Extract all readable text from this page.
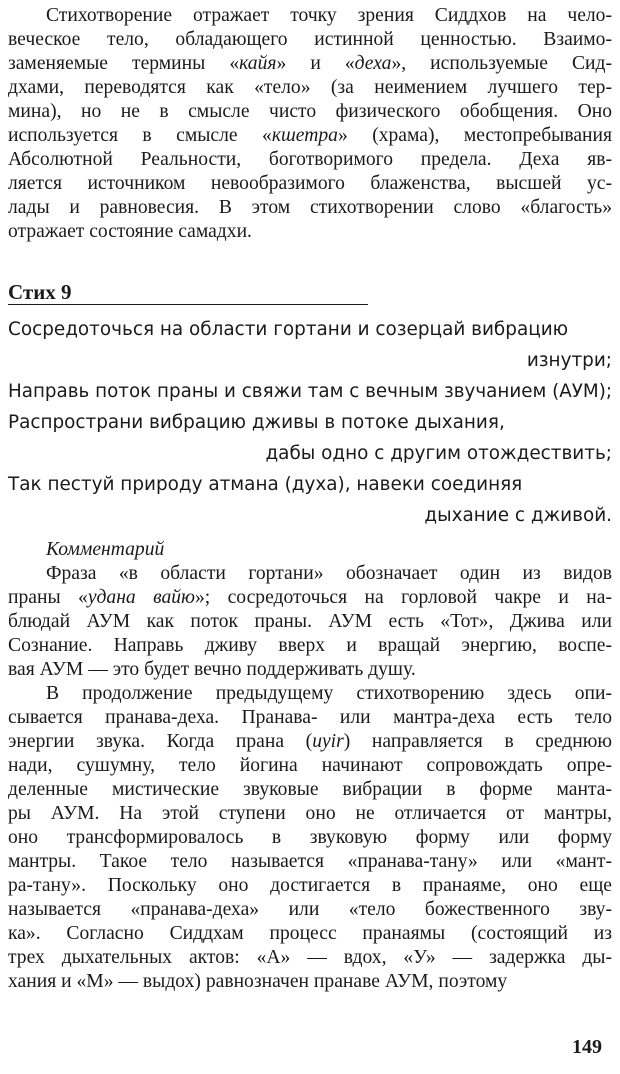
Стихотворение отражает точку зрения Сиддхов на чело-
веческое тело, обладающего истинной ценностью. Взаимо-
заменяемые термины «кайя» и «деха», используемые Сид-
дхами, переводятся как «тело» (за неимением лучшего тер-
мина), но не в смысле чисто физического обобщения. Оно
используется в смысле «кшетра» (храма), местопребывания
Абсолютной Реальности, боготворимого предела. Деха яв-
ляется источником невообразимого блаженства, высшей ус-
лады и равновесия. В этом стихотворении слово «благость»
отражает состояние самадхи.
Стих 9
Сосредоточься на области гортани и созерцай вибрацию
изнутри;
Направь поток праны и свяжи там с вечным звучанием (АУМ);
Распространи вибрацию дживы в потоке дыхания,
дабы одно с другим отождествить;
Так пестуй природу атмана (духа), навеки соединяя
дыхание с дживой.
Комментарий
Фраза «в области гортани» обозначает один из видов
праны «удана вайю»; сосредоточься на горловой чакре и на-
блюдай АУМ как поток праны. АУМ есть «Тот», Джива или
Сознание. Направь дживу вверх и вращай энергию, воспе-
вая АУМ — это будет вечно поддерживать душу.
В продолжение предыдущему стихотворению здесь опи-
сывается пранава-деха. Пранава- или мантра-деха есть тело
энергии звука. Когда прана (uyir) направляется в среднюю
нади, сушумну, тело йогина начинают сопровождать опре-
деленные мистические звуковые вибрации в форме манта-
ры АУМ. На этой ступени оно не отличается от мантры,
оно трансформировалось в звуковую форму или форму
мантры. Такое тело называется «пранава-тану» или «мант-
ра-тану». Поскольку оно достигается в пранаяме, оно еще
называется «пранава-деха» или «тело божественного зву-
ка». Согласно Сиддхам процесс пранаямы (состоящий из
трех дыхательных актов: «А» — вдох, «У» — задержка ды-
хания и «М» — выдох) равнозначен пранаве АУМ, поэтому
149
